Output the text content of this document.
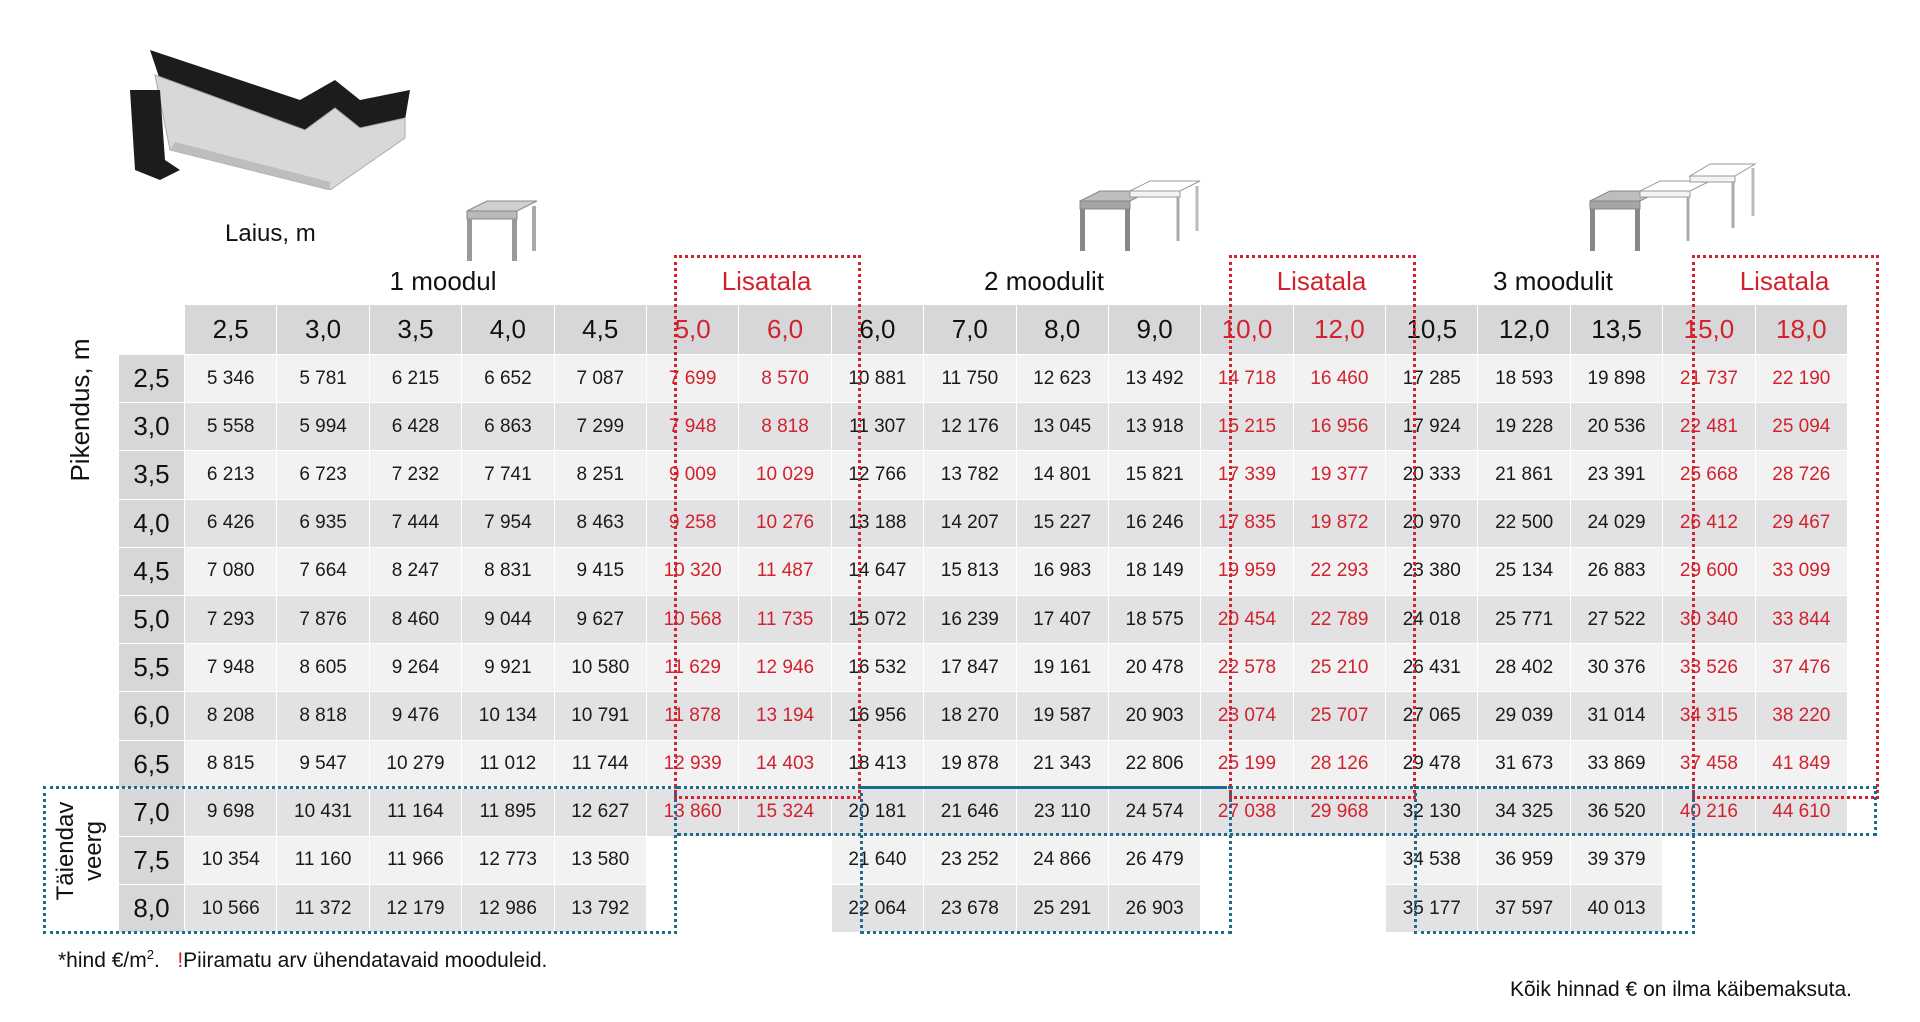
Laius, m
1 moodul	Lisatala	2 moodulit	Lisatala	3 moodulit	Lisatala
	2,5	3,0	3,5	4,0	4,5	5,0	6,0	6,0	7,0	8,0	9,0	10,0	12,0	10,5	12,0	13,5	15,0	18,0
2,5	5 346	5 781	6 215	6 652	7 087	7 699	8 570	10 881	11 750	12 623	13 492	14 718	16 460	17 285	18 593	19 898	21 737	22 190
3,0	5 558	5 994	6 428	6 863	7 299	7 948	8 818	11 307	12 176	13 045	13 918	15 215	16 956	17 924	19 228	20 536	22 481	25 094
3,5	6 213	6 723	7 232	7 741	8 251	9 009	10 029	12 766	13 782	14 801	15 821	17 339	19 377	20 333	21 861	23 391	25 668	28 726
4,0	6 426	6 935	7 444	7 954	8 463	9 258	10 276	13 188	14 207	15 227	16 246	17 835	19 872	20 970	22 500	24 029	26 412	29 467
4,5	7 080	7 664	8 247	8 831	9 415	10 320	11 487	14 647	15 813	16 983	18 149	19 959	22 293	23 380	25 134	26 883	29 600	33 099
5,0	7 293	7 876	8 460	9 044	9 627	10 568	11 735	15 072	16 239	17 407	18 575	20 454	22 789	24 018	25 771	27 522	30 340	33 844
5,5	7 948	8 605	9 264	9 921	10 580	11 629	12 946	16 532	17 847	19 161	20 478	22 578	25 210	26 431	28 402	30 376	33 526	37 476
6,0	8 208	8 818	9 476	10 134	10 791	11 878	13 194	16 956	18 270	19 587	20 903	23 074	25 707	27 065	29 039	31 014	34 315	38 220
6,5	8 815	9 547	10 279	11 012	11 744	12 939	14 403	18 413	19 878	21 343	22 806	25 199	28 126	29 478	31 673	33 869	37 458	41 849
7,0	9 698	10 431	11 164	11 895	12 627	13 860	15 324	20 181	21 646	23 110	24 574	27 038	29 968	32 130	34 325	36 520	40 216	44 610
7,5	10 354	11 160	11 966	12 773	13 580			21 640	23 252	24 866	26 479			34 538	36 959	39 379		
8,0	10 566	11 372	12 179	12 986	13 792			22 064	23 678	25 291	26 903			35 177	37 597	40 013		
Pikendus, m
Täiendav veerg
*hind $€/m^2$. !Piiramatu arv ühendatavaid mooduleid.
Kõik hinnad € on ilma käibemaksuta.
